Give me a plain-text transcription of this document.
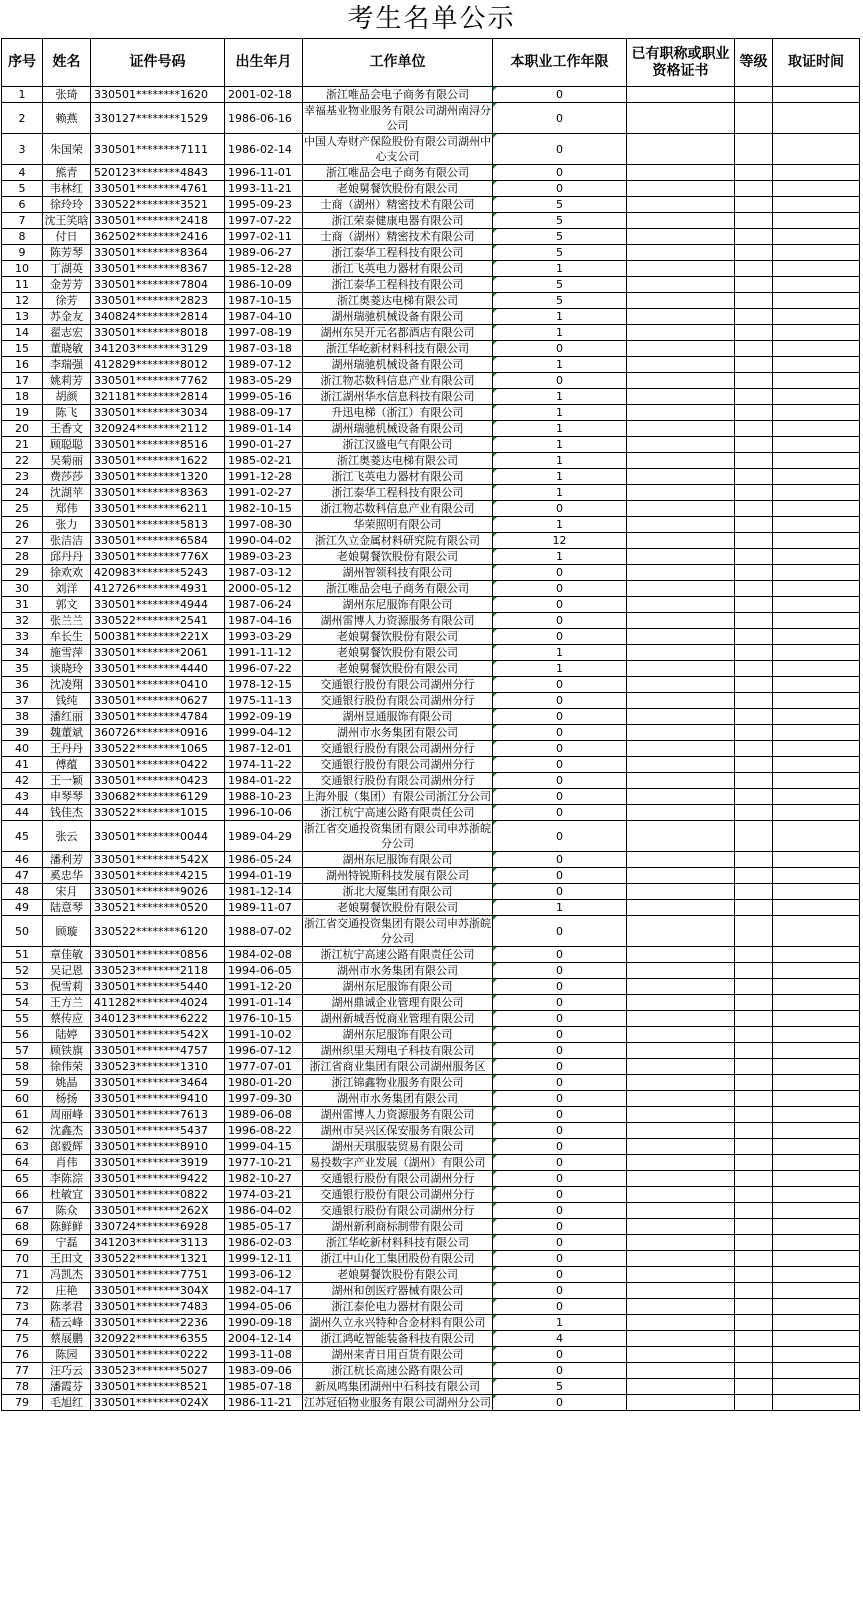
考生名单公示
序号	姓名	证件号码	出生年月	工作单位	本职业工作年限	已有职称或职业资格证书	等级	取证时间
1	张琦	330501********1620	2001-02-18	浙江唯品会电子商务有限公司	0			
2	赖燕	330127********1529	1986-06-16	幸福基业物业服务有限公司湖州南浔分公司	0			
3	朱国荣	330501********7111	1986-02-14	中国人寿财产保险股份有限公司湖州中心支公司	0			
4	熊青	520123********4843	1996-11-01	浙江唯品会电子商务有限公司	0			
5	韦林红	330501********4761	1993-11-21	老娘舅餐饮股份有限公司	0			
6	徐玲玲	330522********3521	1995-09-23	士商（湖州）精密技术有限公司	5			
7	沈王笑晗	330501********2418	1997-07-22	浙江荣泰健康电器有限公司	5			
8	付日	362502********2416	1997-02-11	士商（湖州）精密技术有限公司	5			
9	陈芳琴	330501********8364	1989-06-27	浙江泰华工程科技有限公司	5			
10	丁湖英	330501********8367	1985-12-28	浙江飞英电力器材有限公司	1			
11	金芳芳	330501********7804	1986-10-09	浙江泰华工程科技有限公司	5			
12	徐芳	330501********2823	1987-10-15	浙江奥菱达电梯有限公司	5			
13	苏金友	340824********2814	1987-04-10	湖州瑞驰机械设备有限公司	1			
14	翟志宏	330501********8018	1997-08-19	湖州东吴开元名都酒店有限公司	1			
15	董晓敏	341203********3129	1987-03-18	浙江华屹新材料科技有限公司	0			
16	李瑞强	412829********8012	1989-07-12	湖州瑞驰机械设备有限公司	1			
17	姚莉芳	330501********7762	1983-05-29	浙江物芯数科信息产业有限公司	0			
18	胡颜	321181********2814	1999-05-16	浙江湖州华水信息科技有限公司	1			
19	陈飞	330501********3034	1988-09-17	升迅电梯（浙江）有限公司	1			
20	王香文	320924********2112	1989-01-14	湖州瑞驰机械设备有限公司	1			
21	顾聪聪	330501********8516	1990-01-27	浙江汉盛电气有限公司	1			
22	吴菊丽	330501********1622	1985-02-21	浙江奥菱达电梯有限公司	1			
23	费莎莎	330501********1320	1991-12-28	浙江飞英电力器材有限公司	1			
24	沈湖苹	330501********8363	1991-02-27	浙江泰华工程科技有限公司	1			
25	郑伟	330501********6211	1982-10-15	浙江物芯数科信息产业有限公司	0			
26	张力	330501********5813	1997-08-30	华荣照明有限公司	1			
27	张洁洁	330501********6584	1990-04-02	浙江久立金属材料研究院有限公司	12			
28	邱丹丹	330501********776X	1989-03-23	老娘舅餐饮股份有限公司	1			
29	徐欢欢	420983********5243	1987-03-12	湖州智领科技有限公司	0			
30	刘洋	412726********4931	2000-05-12	浙江唯品会电子商务有限公司	0			
31	郭文	330501********4944	1987-06-24	湖州东尼服饰有限公司	0			
32	张兰兰	330522********2541	1987-04-16	湖州雷博人力资源服务有限公司	0			
33	牟长生	500381********221X	1993-03-29	老娘舅餐饮股份有限公司	0			
34	施雪萍	330501********2061	1991-11-12	老娘舅餐饮股份有限公司	1			
35	谈晓玲	330501********4440	1996-07-22	老娘舅餐饮股份有限公司	1			
36	沈凌翔	330501********0410	1978-12-15	交通银行股份有限公司湖州分行	0			
37	钱纯	330501********0627	1975-11-13	交通银行股份有限公司湖州分行	0			
38	潘红丽	330501********4784	1992-09-19	湖州昱通服饰有限公司	0			
39	魏董斌	360726********0916	1999-04-12	湖州市水务集团有限公司	0			
40	王丹丹	330522********1065	1987-12-01	交通银行股份有限公司湖州分行	0			
41	傅蕴	330501********0422	1974-11-22	交通银行股份有限公司湖州分行	0			
42	王一颖	330501********0423	1984-01-22	交通银行股份有限公司湖州分行	0			
43	申琴琴	330682********6129	1988-10-23	上海外服（集团）有限公司浙江分公司	0			
44	钱佳杰	330522********1015	1996-10-06	浙江杭宁高速公路有限责任公司	0			
45	张云	330501********0044	1989-04-29	浙江省交通投资集团有限公司申苏浙皖分公司	0			
46	潘利芳	330501********542X	1986-05-24	湖州东尼服饰有限公司	0			
47	奚忠华	330501********4215	1994-01-19	湖州特锐斯科技发展有限公司	0			
48	宋月	330501********9026	1981-12-14	浙北大厦集团有限公司	0			
49	陆意琴	330521********0520	1989-11-07	老娘舅餐饮股份有限公司	1			
50	顾璇	330522********6120	1988-07-02	浙江省交通投资集团有限公司申苏浙皖分公司	0			
51	章佳敏	330501********0856	1984-02-08	浙江杭宁高速公路有限责任公司	0			
52	吴记恩	330523********2118	1994-06-05	湖州市水务集团有限公司	0			
53	倪雪莉	330501********5440	1991-12-20	湖州东尼服饰有限公司	0			
54	王方兰	411282********4024	1991-01-14	湖州鼎诚企业管理有限公司	0			
55	蔡传应	340123********6222	1976-10-15	湖州新城吾悦商业管理有限公司	0			
56	陆婷	330501********542X	1991-10-02	湖州东尼服饰有限公司	0			
57	顾铁旗	330501********4757	1996-07-12	湖州织里天翔电子科技有限公司	0			
58	徐伟荣	330523********1310	1977-07-01	浙江省商业集团有限公司湖州服务区	0			
59	姚晶	330501********3464	1980-01-20	浙江锦鑫物业服务有限公司	0			
60	杨扬	330501********9410	1997-09-30	湖州市水务集团有限公司	0			
61	周丽峰	330501********7613	1989-06-08	湖州雷博人力资源服务有限公司	0			
62	沈鑫杰	330501********5437	1996-08-22	湖州市吴兴区保安服务有限公司	0			
63	郎毅辉	330501********8910	1999-04-15	湖州天琪服装贸易有限公司	0			
64	肖伟	330501********3919	1977-10-21	易投数字产业发展（湖州）有限公司	0			
65	李陈淙	330501********9422	1982-10-27	交通银行股份有限公司湖州分行	0			
66	杜敏宜	330501********0822	1974-03-21	交通银行股份有限公司湖州分行	0			
67	陈众	330501********262X	1986-04-02	交通银行股份有限公司湖州分行	0			
68	陈鲜鲜	330724********6928	1985-05-17	湖州新利商标制带有限公司	0			
69	宁磊	341203********3113	1986-02-03	浙江华屹新材料科技有限公司	0			
70	王田文	330522********1321	1999-12-11	浙江中山化工集团股份有限公司	0			
71	冯凯杰	330501********7751	1993-06-12	老娘舅餐饮股份有限公司	0			
72	庄艳	330501********304X	1982-04-17	湖州和创医疗器械有限公司	0			
73	陈孝君	330501********7483	1994-05-06	浙江泰伦电力器材有限公司	0			
74	嵇云峰	330501********2236	1990-09-18	湖州久立永兴特种合金材料有限公司	1			
75	蔡展鹏	320922********6355	2004-12-14	浙江鸿屹智能装备科技有限公司	4			
76	陈园	330501********0222	1993-11-08	湖州来青日用百货有限公司	0			
77	汪巧云	330523********5027	1983-09-06	浙江杭长高速公路有限公司	0			
78	潘霞芬	330501********8521	1985-07-18	新凤鸣集团湖州中石科技有限公司	5			
79	毛旭红	330501********024X	1986-11-21	江苏冠佰物业服务有限公司湖州分公司	0			
